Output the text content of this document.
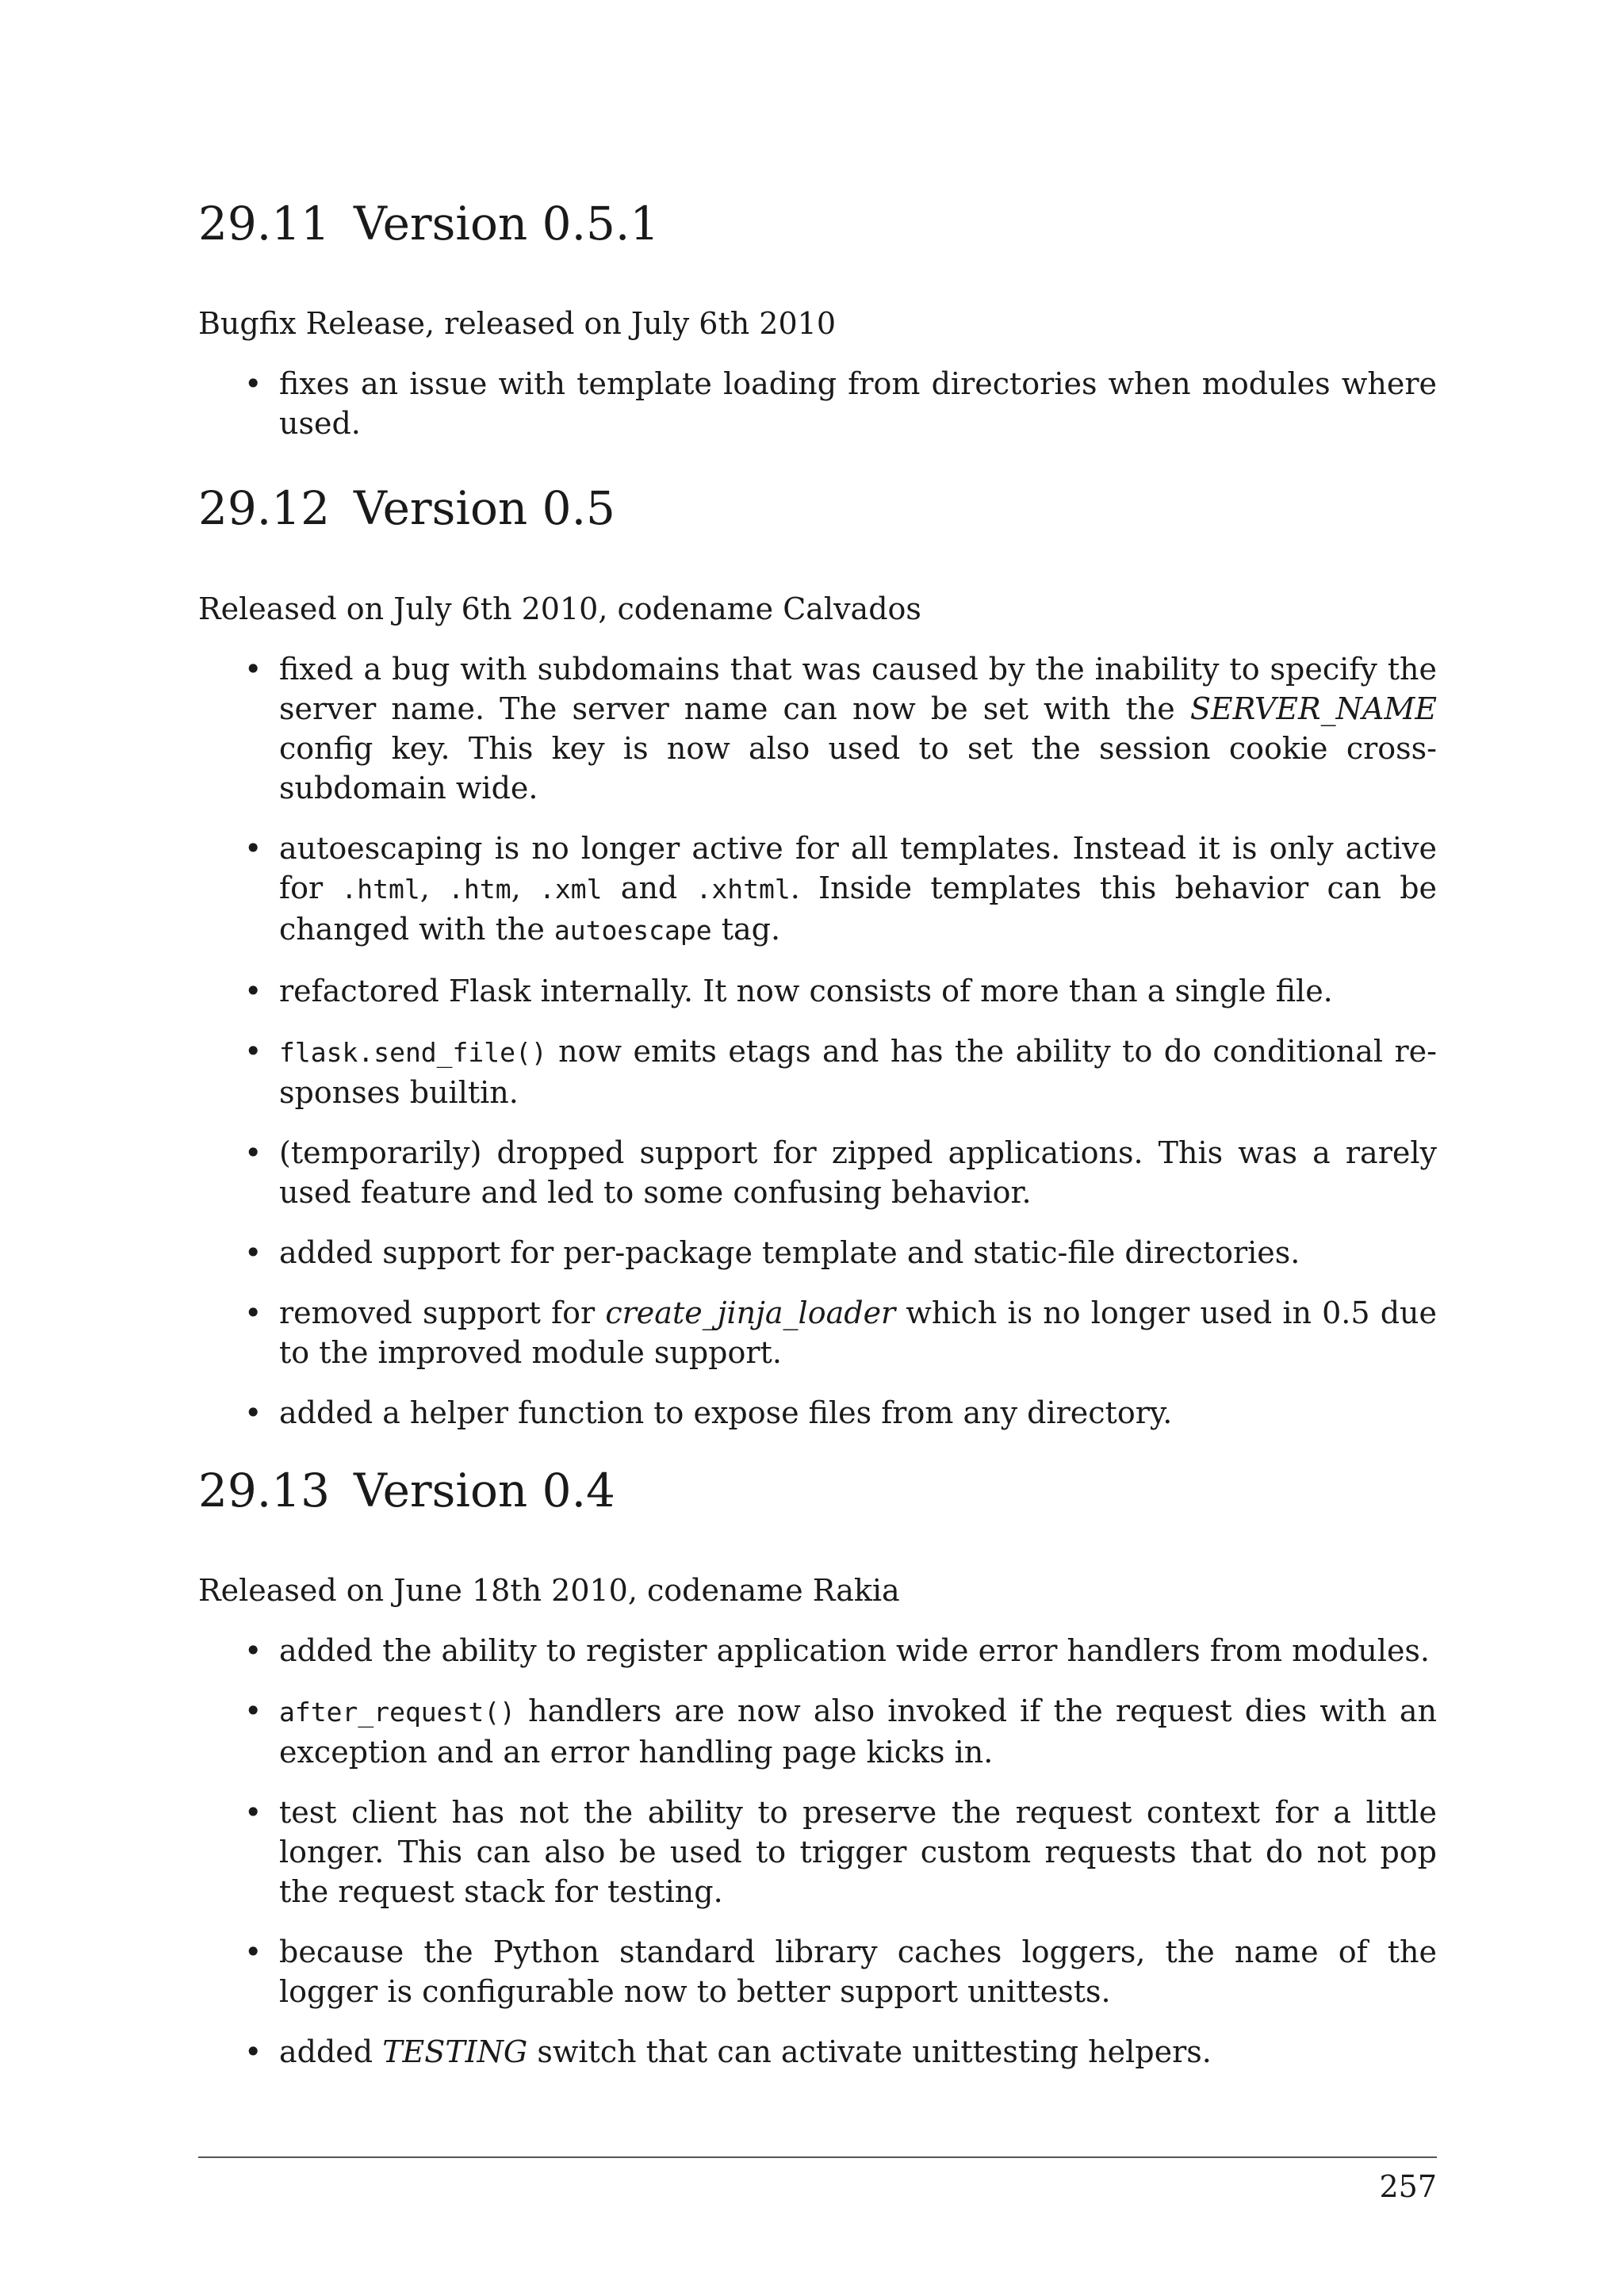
29.11 Version 0.5.1

Bugfix Release, released on July 6th 2010

• fixes an issue with template loading from directories when modules where used.
29.12 Version 0.5

Released on July 6th 2010, codename Calvados

• fixed a bug with subdomains that was caused by the inability to specify the server name. The server name can now be set with the SERVER_NAME config key. This key is now also used to set the session cookie cross-subdomain wide.
• autoescaping is no longer active for all templates. Instead it is only active for .html, .htm, .xml and .xhtml. Inside templates this behavior can be changed with the autoescape tag.
• refactored Flask internally. It now consists of more than a single file.
• flask.send_file() now emits etags and has the ability to do conditional responses builtin.
• (temporarily) dropped support for zipped applications. This was a rarely used feature and led to some confusing behavior.
• added support for per-package template and static-file directories.
• removed support for create_jinja_loader which is no longer used in 0.5 due to the improved module support.
• added a helper function to expose files from any directory.
29.13 Version 0.4

Released on June 18th 2010, codename Rakia

• added the ability to register application wide error handlers from modules.
• after_request() handlers are now also invoked if the request dies with an exception and an error handling page kicks in.
• test client has not the ability to preserve the request context for a little longer. This can also be used to trigger custom requests that do not pop the request stack for testing.
• because the Python standard library caches loggers, the name of the logger is configurable now to better support unittests.
• added TESTING switch that can activate unittesting helpers.
257
